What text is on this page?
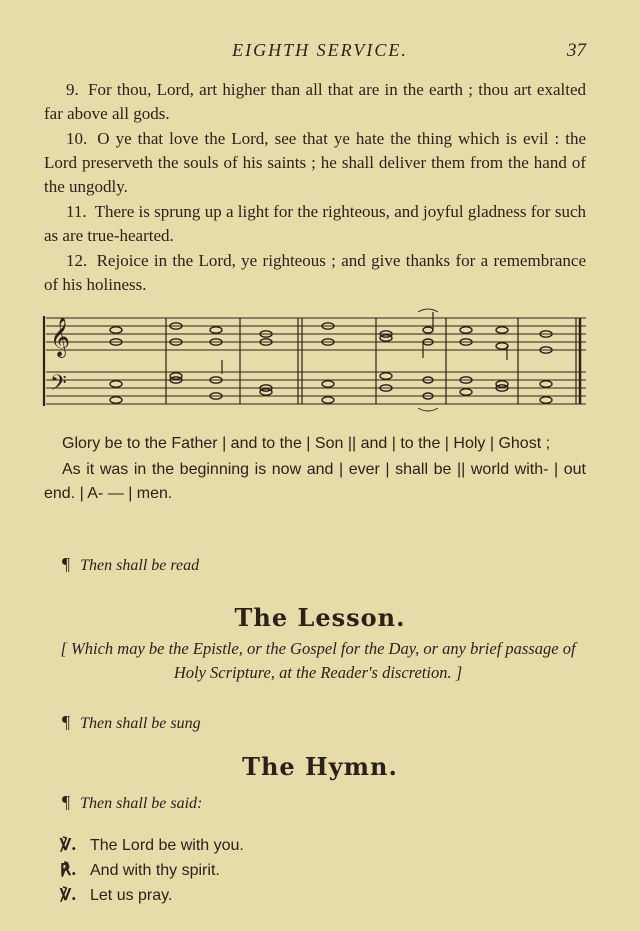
EIGHTH SERVICE.	37

9. For thou, Lord, art higher than all that are in the earth ; thou art exalted far above all gods.

10. O ye that love the Lord, see that ye hate the thing which is evil : the Lord preserveth the souls of his saints ; he shall deliver them from the hand of the ungodly.

11. There is sprung up a light for the righteous, and joyful gladness for such as are true-hearted.

12. Rejoice in the Lord, ye righteous ; and give thanks for a remembrance of his holiness.

𝄞
𝄢

Glory be to the Father | and to the | Son || and | to the | Holy | Ghost ;

As it was in the beginning is now and | ever | shall be || world with- | out end. | A- — | men.

¶ Then shall be read
The Lesson.
[ Which may be the Epistle, or the Gospel for the Day, or any brief passage of Holy Scripture, at the Reader's discretion. ]
¶ Then shall be sung
The Hymn.
¶ Then shall be said:
℣. The Lord be with you.
℟. And with thy spirit.
℣. Let us pray.
